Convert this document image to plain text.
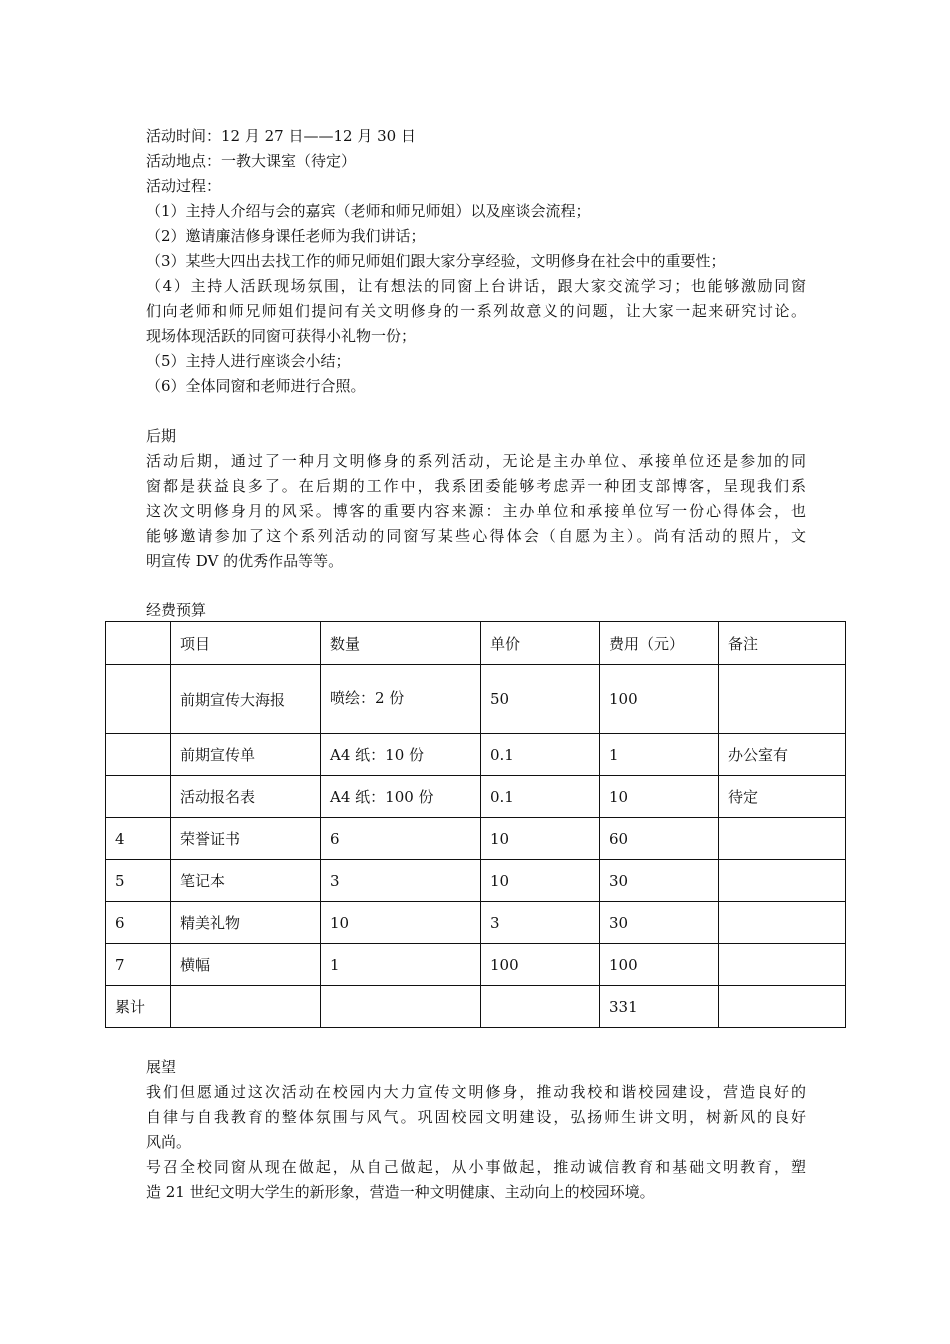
活动时间：12 月 27 日——12 月 30 日
活动地点：一教大课室（待定）
活动过程：
（1）主持人介绍与会的嘉宾（老师和师兄师姐）以及座谈会流程；
（2）邀请廉洁修身课任老师为我们讲话；
（3）某些大四出去找工作的师兄师姐们跟大家分享经验，文明修身在社会中的重要性；
（4）主持人活跃现场氛围，让有想法的同窗上台讲话，跟大家交流学习；也能够激励同窗
们向老师和师兄师姐们提问有关文明修身的一系列故意义的问题，让大家一起来研究讨论。
现场体现活跃的同窗可获得小礼物一份；
（5）主持人进行座谈会小结；
（6）全体同窗和老师进行合照。
后期
活动后期，通过了一种月文明修身的系列活动，无论是主办单位、承接单位还是参加的同
窗都是获益良多了。在后期的工作中，我系团委能够考虑弄一种团支部博客，呈现我们系
这次文明修身月的风采。博客的重要内容来源：主办单位和承接单位写一份心得体会，也
能够邀请参加了这个系列活动的同窗写某些心得体会（自愿为主）。尚有活动的照片，文
明宣传 DV 的优秀作品等等。
经费预算
	项目	数量	单价	费用（元）	备注
	前期宣传大海报	喷绘：2 份	50	100	
	前期宣传单	A4 纸：10 份	0.1	1	办公室有
	活动报名表	A4 纸：100 份	0.1	10	待定
4	荣誉证书	6	10	60	
5	笔记本	3	10	30	
6	精美礼物	10	3	30	
7	横幅	1	100	100	
累计				331	
展望
我们但愿通过这次活动在校园内大力宣传文明修身，推动我校和谐校园建设，营造良好的
自律与自我教育的整体氛围与风气。巩固校园文明建设，弘扬师生讲文明，树新风的良好
风尚。
号召全校同窗从现在做起，从自己做起，从小事做起，推动诚信教育和基础文明教育，塑
造 21 世纪文明大学生的新形象，营造一种文明健康、主动向上的校园环境。
